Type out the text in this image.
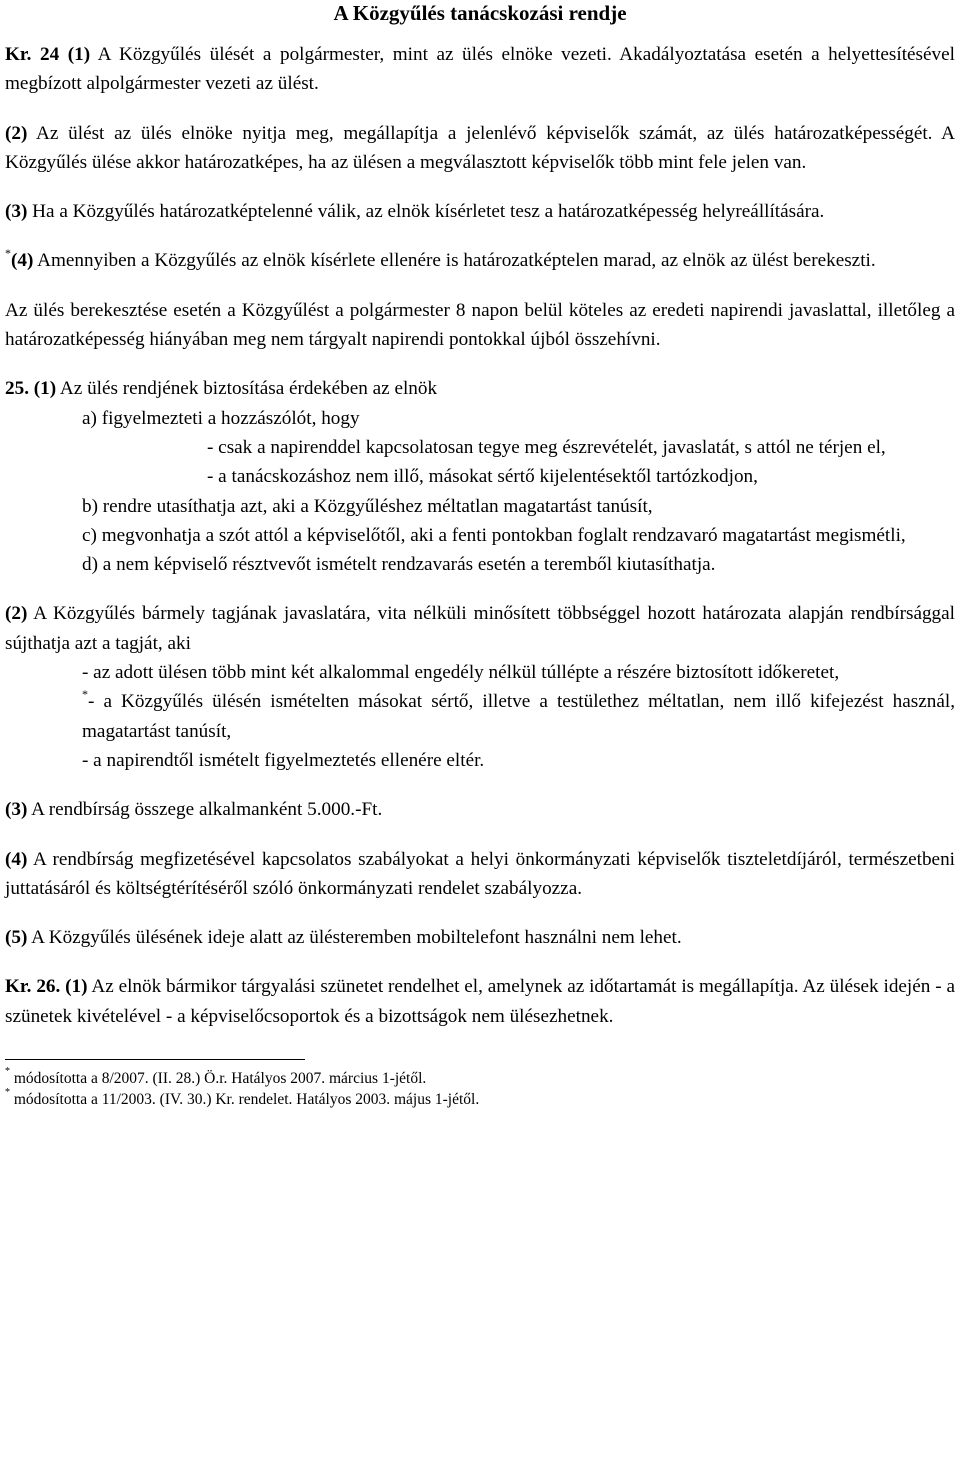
A Közgyűlés tanácskozási rendje

Kr. 24 (1) A Közgyűlés ülését a polgármester, mint az ülés elnöke vezeti. Akadályoztatása esetén a helyettesítésével megbízott alpolgármester vezeti az ülést.

(2) Az ülést az ülés elnöke nyitja meg, megállapítja a jelenlévő képviselők számát, az ülés határozatképességét. A Közgyűlés ülése akkor határozatképes, ha az ülésen a megválasztott képviselők több mint fele jelen van.

(3) Ha a Közgyűlés határozatképtelenné válik, az elnök kísérletet tesz a határozatképesség helyreállítására.

*(4) Amennyiben a Közgyűlés az elnök kísérlete ellenére is határozatképtelen marad, az elnök az ülést berekeszti.

Az ülés berekesztése esetén a Közgyűlést a polgármester 8 napon belül köteles az eredeti napirendi javaslattal, illetőleg a határozatképesség hiányában meg nem tárgyalt napirendi pontokkal újból összehívni.

25. (1) Az ülés rendjének biztosítása érdekében az elnök

a) figyelmezteti a hozzászólót, hogy

- csak a napirenddel kapcsolatosan tegye meg észrevételét, javaslatát, s attól ne térjen el,

- a tanácskozáshoz nem illő, másokat sértő kijelentésektől tartózkodjon,

b) rendre utasíthatja azt, aki a Közgyűléshez méltatlan magatartást tanúsít,

c) megvonhatja a szót attól a képviselőtől, aki a fenti pontokban foglalt rendzavaró magatartást megismétli,

d) a nem képviselő résztvevőt ismételt rendzavarás esetén a teremből kiutasíthatja.

(2) A Közgyűlés bármely tagjának javaslatára, vita nélküli minősített többséggel hozott határozata alapján rendbírsággal sújthatja azt a tagját, aki

- az adott ülésen több mint két alkalommal engedély nélkül túllépte a részére biztosított időkeretet,

*- a Közgyűlés ülésén ismételten másokat sértő, illetve a testülethez méltatlan, nem illő kifejezést használ, magatartást tanúsít,

- a napirendtől ismételt figyelmeztetés ellenére eltér.

(3) A rendbírság összege alkalmanként 5.000.-Ft.

(4) A rendbírság megfizetésével kapcsolatos szabályokat a helyi önkormányzati képviselők tiszteletdíjáról, természetbeni juttatásáról és költségtérítéséről szóló önkormányzati rendelet szabályozza.

(5) A Közgyűlés ülésének ideje alatt az ülésteremben mobiltelefont használni nem lehet.

Kr. 26. (1) Az elnök bármikor tárgyalási szünetet rendelhet el, amelynek az időtartamát is megállapítja. Az ülések idején - a szünetek kivételével - a képviselőcsoportok és a bizottságok nem ülésezhetnek.

* módosította a 8/2007. (II. 28.) Ö.r. Hatályos 2007. március 1-jétől.

* módosította a 11/2003. (IV. 30.) Kr. rendelet. Hatályos 2003. május 1-jétől.
